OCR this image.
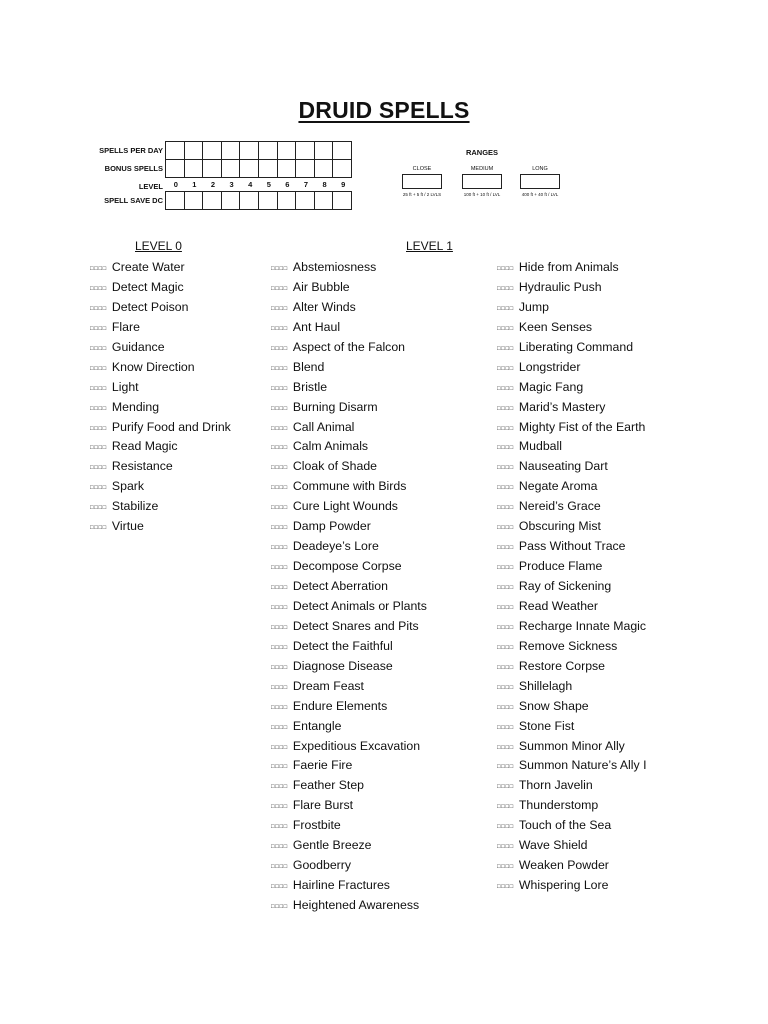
DRUID SPELLS
SPELLS PER DAY
BONUS SPELLS
LEVEL	0	1	2	3	4	5	6	7	8	9
SPELL SAVE DC
RANGES
CLOSE
25 ft + 5 ft / 2 LVLS
MEDIUM
100 ft + 10 ft / LVL
LONG
400 ft + 40 ft / LVL
LEVEL 0	LEVEL 1
□□□□ Create Water
□□□□ Detect Magic
□□□□ Detect Poison
□□□□ Flare
□□□□ Guidance
□□□□ Know Direction
□□□□ Light
□□□□ Mending
□□□□ Purify Food and Drink
□□□□ Read Magic
□□□□ Resistance
□□□□ Spark
□□□□ Stabilize
□□□□ Virtue
□□□□ Abstemiosness
□□□□ Air Bubble
□□□□ Alter Winds
□□□□ Ant Haul
□□□□ Aspect of the Falcon
□□□□ Blend
□□□□ Bristle
□□□□ Burning Disarm
□□□□ Call Animal
□□□□ Calm Animals
□□□□ Cloak of Shade
□□□□ Commune with Birds
□□□□ Cure Light Wounds
□□□□ Damp Powder
□□□□ Deadeye’s Lore
□□□□ Decompose Corpse
□□□□ Detect Aberration
□□□□ Detect Animals or Plants
□□□□ Detect Snares and Pits
□□□□ Detect the Faithful
□□□□ Diagnose Disease
□□□□ Dream Feast
□□□□ Endure Elements
□□□□ Entangle
□□□□ Expeditious Excavation
□□□□ Faerie Fire
□□□□ Feather Step
□□□□ Flare Burst
□□□□ Frostbite
□□□□ Gentle Breeze
□□□□ Goodberry
□□□□ Hairline Fractures
□□□□ Heightened Awareness
□□□□ Hide from Animals
□□□□ Hydraulic Push
□□□□ Jump
□□□□ Keen Senses
□□□□ Liberating Command
□□□□ Longstrider
□□□□ Magic Fang
□□□□ Marid’s Mastery
□□□□ Mighty Fist of the Earth
□□□□ Mudball
□□□□ Nauseating Dart
□□□□ Negate Aroma
□□□□ Nereid’s Grace
□□□□ Obscuring Mist
□□□□ Pass Without Trace
□□□□ Produce Flame
□□□□ Ray of Sickening
□□□□ Read Weather
□□□□ Recharge Innate Magic
□□□□ Remove Sickness
□□□□ Restore Corpse
□□□□ Shillelagh
□□□□ Snow Shape
□□□□ Stone Fist
□□□□ Summon Minor Ally
□□□□ Summon Nature’s Ally I
□□□□ Thorn Javelin
□□□□ Thunderstomp
□□□□ Touch of the Sea
□□□□ Wave Shield
□□□□ Weaken Powder
□□□□ Whispering Lore
